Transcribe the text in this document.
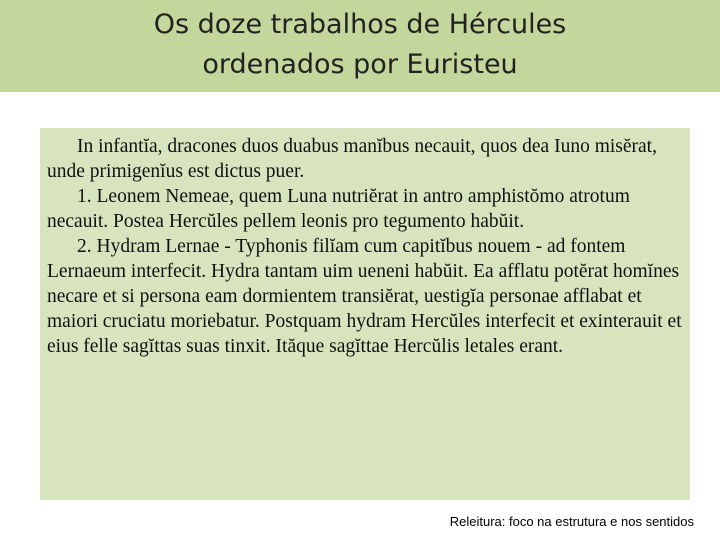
Os doze trabalhos de Hércules
ordenados por Euristeu

In infantĭa, dracones duos duabus manĭbus necauit, quos dea Iuno misĕrat, unde primigenĭus est dictus puer.

1. Leonem Nemeae, quem Luna nutriĕrat in antro amphistŏmo atrotum necauit. Postea Hercŭles pellem leonis pro tegumento habŭit.

2. Hydram Lernae - Typhonis filĭam cum capitĭbus nouem - ad fontem Lernaeum interfecit. Hydra tantam uim ueneni habŭit. Ea afflatu potĕrat homĭnes necare et si persona eam dormientem transiĕrat, uestigĭa personae afflabat et maiori cruciatu moriebatur. Postquam hydram Hercŭles interfecit et exinterauit et eius felle sagĭttas suas tinxit. Ităque sagĭttae Hercŭlis letales erant.

Releitura: foco na estrutura e nos sentidos
